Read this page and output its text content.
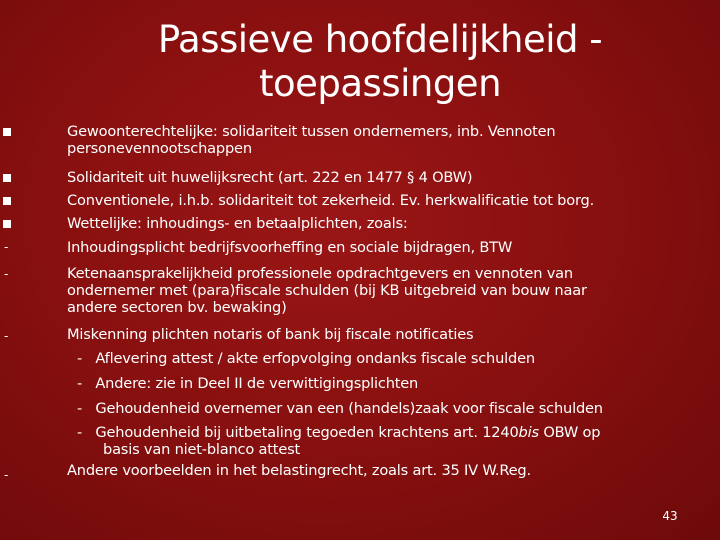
Passieve hoofdelijkheid -
toepassingen
Gewoonterechtelijke: solidariteit tussen ondernemers, inb. Vennoten
personevennootschappen
Solidariteit uit huwelijksrecht (art. 222 en 1477 § 4 OBW)
Conventionele, i.h.b. solidariteit tot zekerheid. Ev. herkwalificatie tot borg.
Wettelijke: inhoudings- en betaalplichten, zoals:
-	Inhoudingsplicht bedrijfsvoorheffing en sociale bijdragen, BTW
-	Ketenaansprakelijkheid professionele opdrachtgevers en vennoten van
ondernemer met (para)fiscale schulden (bij KB uitgebreid van bouw naar
andere sectoren bv. bewaking)
-	Miskenning plichten notaris of bank bij fiscale notificaties
-   Aflevering attest / akte erfopvolging ondanks fiscale schulden
-   Andere: zie in Deel II de verwittigingsplichten
-   Gehoudenheid overnemer van een (handels)zaak voor fiscale schulden
-   Gehoudenheid bij uitbetaling tegoeden krachtens art. 1240bis OBW op
basis van niet-blanco attest
-	Andere voorbeelden in het belastingrecht, zoals art. 35 IV W.Reg.
43
